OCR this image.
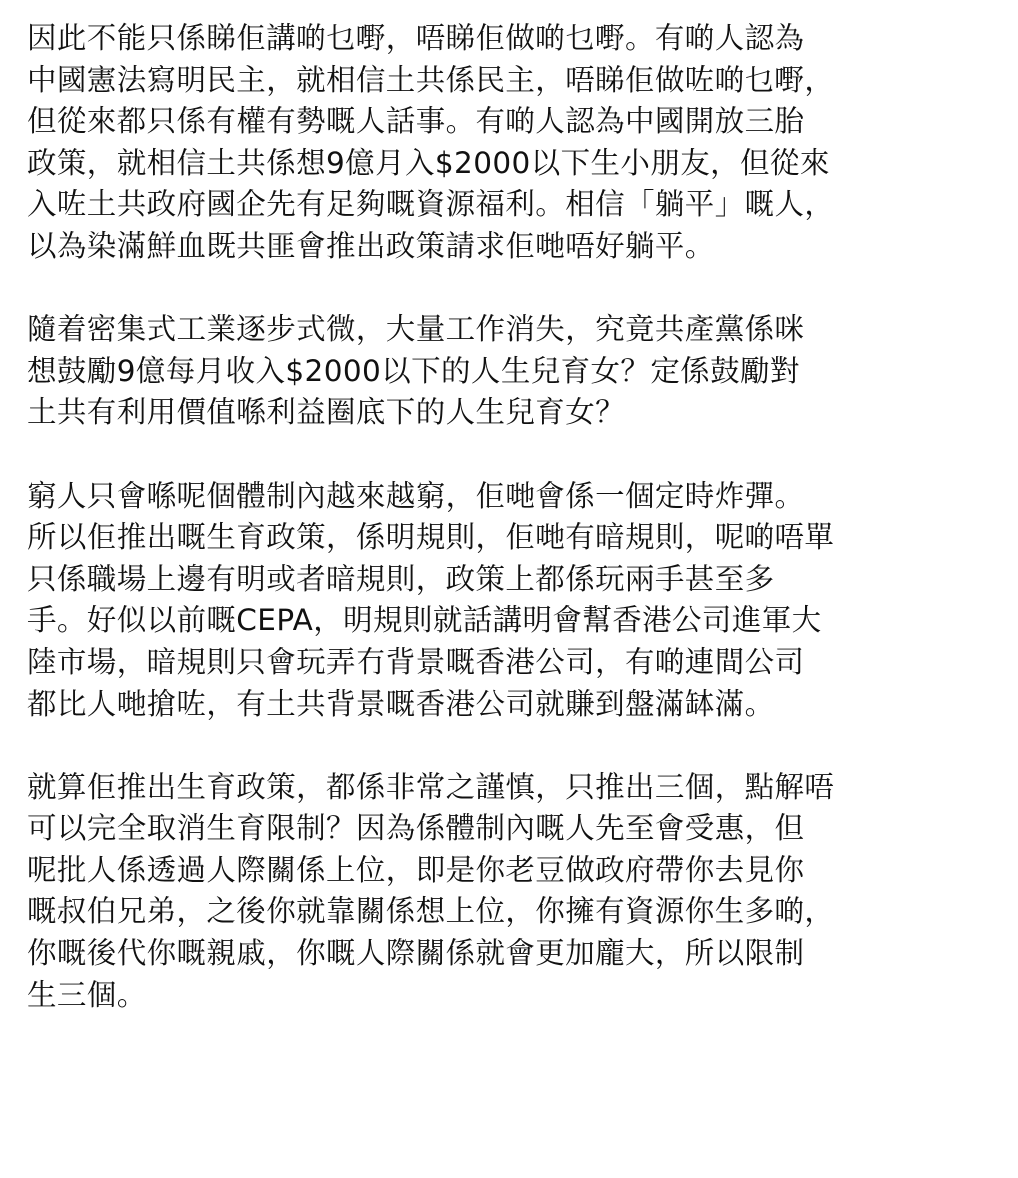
因此不能只係睇佢講啲乜嘢，唔睇佢做啲乜嘢。有啲人認為
中國憲法寫明民主，就相信土共係民主，唔睇佢做咗啲乜嘢，
但從來都只係有權有勢嘅人話事。有啲人認為中國開放三胎
政策，就相信土共係想9億月入$2000以下生小朋友，但從來
入咗土共政府國企先有足夠嘅資源福利。相信「躺平」嘅人，
以為染滿鮮血既共匪會推出政策請求佢哋唔好躺平。
隨着密集式工業逐步式微，大量工作消失，究竟共產黨係咪
想鼓勵9億每月收入$2000以下的人生兒育女？定係鼓勵對
土共有利用價值喺利益圈底下的人生兒育女？
窮人只會喺呢個體制內越來越窮，佢哋會係一個定時炸彈。
所以佢推出嘅生育政策，係明規則，佢哋有暗規則，呢啲唔單
只係職場上邊有明或者暗規則，政策上都係玩兩手甚至多
手。好似以前嘅CEPA，明規則就話講明會幫香港公司進軍大
陸市場，暗規則只會玩弄冇背景嘅香港公司，有啲連間公司
都比人哋搶咗，有土共背景嘅香港公司就賺到盤滿缽滿。
就算佢推出生育政策，都係非常之謹慎，只推出三個，點解唔
可以完全取消生育限制？因為係體制內嘅人先至會受惠，但
呢批人係透過人際關係上位，即是你老豆做政府帶你去見你
嘅叔伯兄弟，之後你就靠關係想上位，你擁有資源你生多啲，
你嘅後代你嘅親戚，你嘅人際關係就會更加龐大，所以限制
生三個。
